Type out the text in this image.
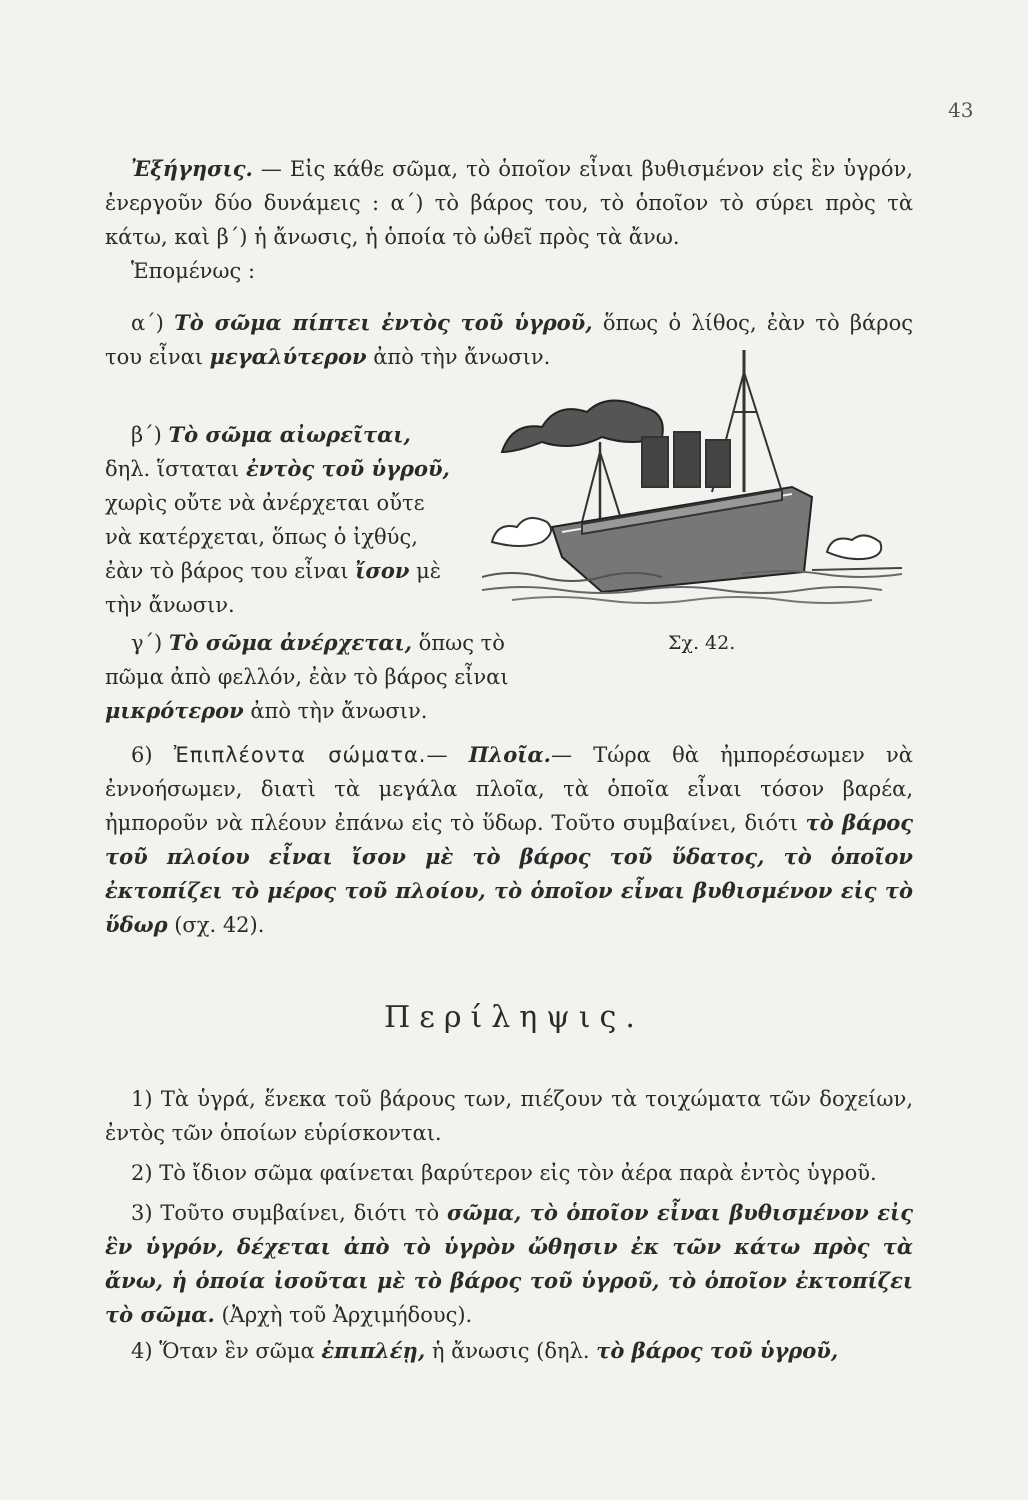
43

Ἐξήγησις. — Εἰς κάθε σῶμα, τὸ ὁποῖον εἶναι βυθισμένον εἰς ἓν ὑγρόν, ἐνεργοῦν δύο δυνάμεις : α΄) τὸ βάρος του, τὸ ὁποῖον τὸ σύρει πρὸς τὰ κάτω, καὶ β΄) ἡ ἄνωσις, ἡ ὁποία τὸ ὠθεῖ πρὸς τὰ ἄνω.

Ἑπομένως :

α΄) Τὸ σῶμα πίπτει ἐντὸς τοῦ ὑγροῦ, ὅπως ὁ λίθος, ἐὰν τὸ βάρος του εἶναι μεγαλύτερον ἀπὸ τὴν ἄνωσιν.

β΄) Τὸ σῶμα αἰωρεῖται, δηλ. ἵσταται ἐντὸς τοῦ ὑγροῦ, χωρὶς οὔτε νὰ ἀνέρχεται οὔτε νὰ κατέρχεται, ὅπως ὁ ἰχθύς, ἐὰν τὸ βάρος του εἶναι ἴσον μὲ τὴν ἄνωσιν.

Σχ. 42.

γ΄) Τὸ σῶμα ἀνέρχεται, ὅπως τὸ πῶμα ἀπὸ φελλόν, ἐὰν τὸ βάρος εἶναι μικρότερον ἀπὸ τὴν ἄνωσιν.

6) Ἐπιπλέοντα σώματα.— Πλοῖα.— Τώρα θὰ ἠμπορέσωμεν νὰ ἐννοήσωμεν, διατὶ τὰ μεγάλα πλοῖα, τὰ ὁποῖα εἶναι τόσον βαρέα, ἠμποροῦν νὰ πλέουν ἐπάνω εἰς τὸ ὕδωρ. Τοῦτο συμβαίνει, διότι τὸ βάρος τοῦ πλοίου εἶναι ἴσον μὲ τὸ βάρος τοῦ ὕδατος, τὸ ὁποῖον ἐκτοπίζει τὸ μέρος τοῦ πλοίου, τὸ ὁποῖον εἶναι βυθισμένον εἰς τὸ ὕδωρ (σχ. 42).

Περίληψις.

1) Τὰ ὑγρά, ἕνεκα τοῦ βάρους των, πιέζουν τὰ τοιχώματα τῶν δοχείων, ἐντὸς τῶν ὁποίων εὑρίσκονται.

2) Τὸ ἴδιον σῶμα φαίνεται βαρύτερον εἰς τὸν ἀέρα παρὰ ἐντὸς ὑγροῦ.

3) Τοῦτο συμβαίνει, διότι τὸ σῶμα, τὸ ὁποῖον εἶναι βυθισμένον εἰς ἓν ὑγρόν, δέχεται ἀπὸ τὸ ὑγρὸν ὤθησιν ἐκ τῶν κάτω πρὸς τὰ ἄνω, ἡ ὁποία ἰσοῦται μὲ τὸ βάρος τοῦ ὑγροῦ, τὸ ὁποῖον ἐκτοπίζει τὸ σῶμα. (Ἀρχὴ τοῦ Ἀρχιμήδους).

4) Ὅταν ἓν σῶμα ἐπιπλέῃ, ἡ ἄνωσις (δηλ. τὸ βάρος τοῦ ὑγροῦ,
